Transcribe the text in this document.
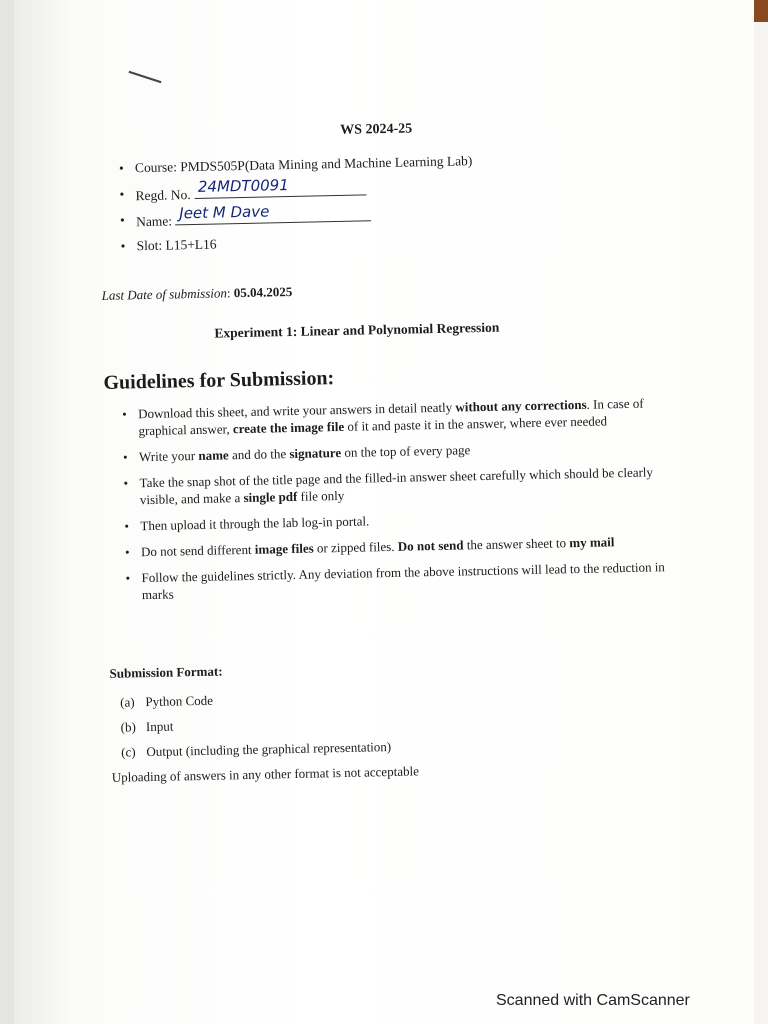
WS 2024-25
• Course: PMDS505P(Data Mining and Machine Learning Lab)
• Regd. No. 24MDT0091
• Name: Jeet M Dave
• Slot: L15+L16
Last Date of submission: 05.04.2025
Experiment 1: Linear and Polynomial Regression
Guidelines for Submission:
• Download this sheet, and write your answers in detail neatly without any corrections. In case of graphical answer, create the image file of it and paste it in the answer, where ever needed
• Write your name and do the signature on the top of every page
• Take the snap shot of the title page and the filled-in answer sheet carefully which should be clearly visible, and make a single pdf file only
• Then upload it through the lab log-in portal.
• Do not send different image files or zipped files. Do not send the answer sheet to my mail
• Follow the guidelines strictly. Any deviation from the above instructions will lead to the reduction in marks
Submission Format:
(a) Python Code
(b) Input
(c) Output (including the graphical representation)
Uploading of answers in any other format is not acceptable
Scanned with CamScanner
